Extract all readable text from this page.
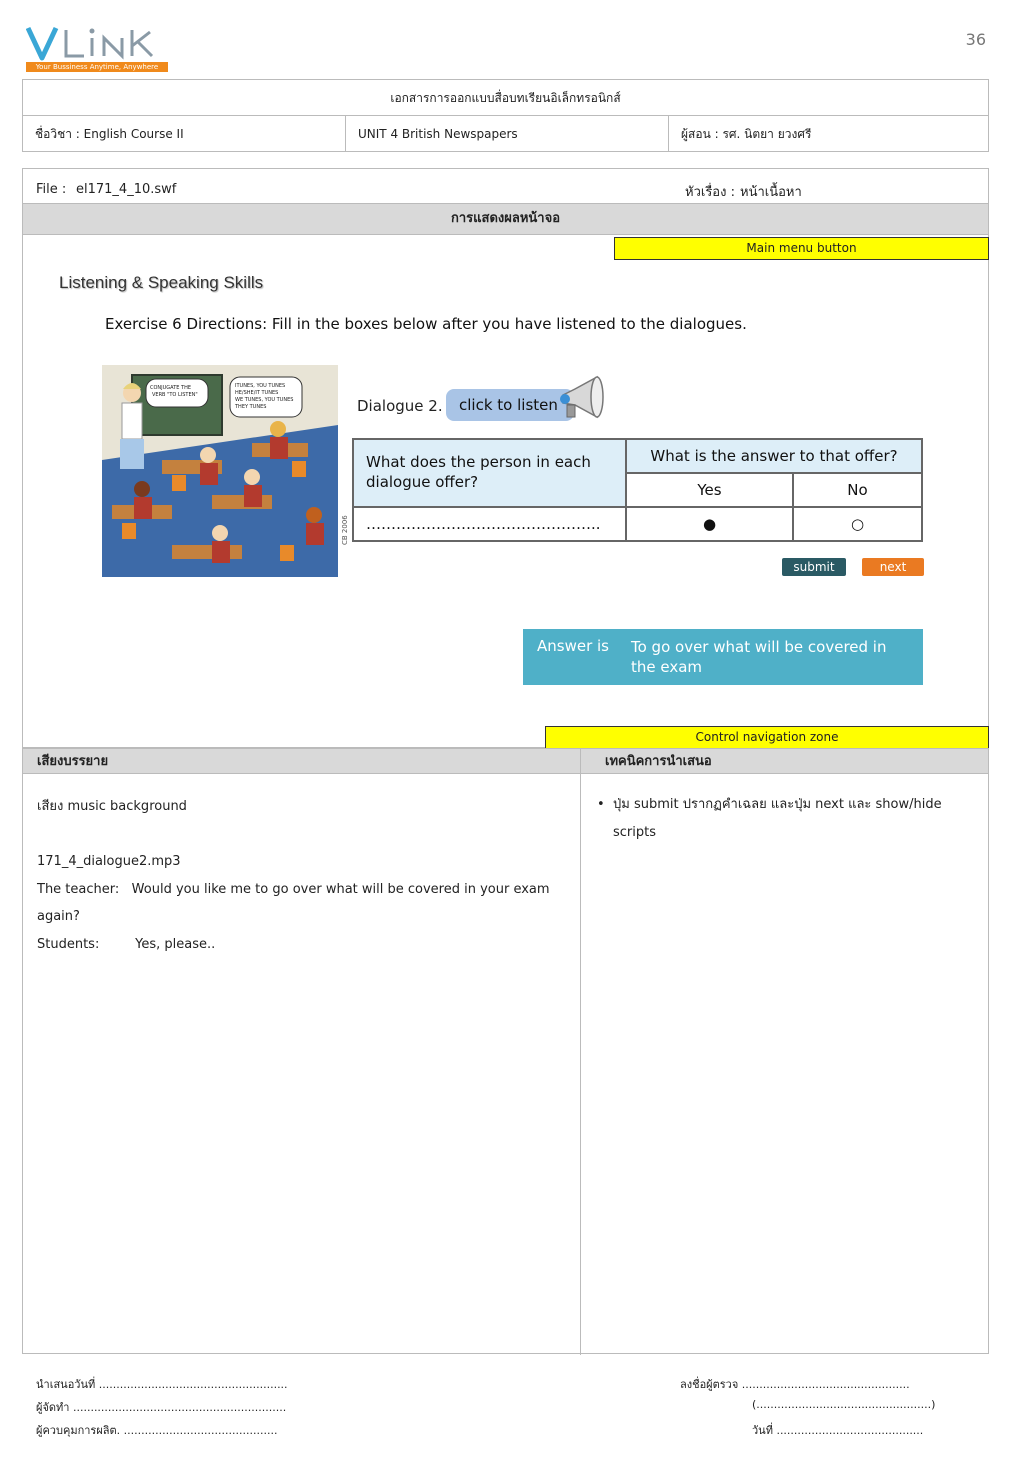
Your Bussiness Anytime, Anywhere
36
เอกสารการออกแบบสื่อบทเรียนอิเล็กทรอนิกส์
ชื่อวิชา : English Course II	UNIT 4 British Newspapers	ผู้สอน : รศ. นิตยา ยวงศรี
File : el171_4_10.swf	หัวเรื่อง : หน้าเนื้อหา
การแสดงผลหน้าจอ
Main menu button
Listening & Speaking Skills
Exercise 6 Directions: Fill in the boxes below after you have listened to the dialogues.
CONJUGATE THE
VERB "TO LISTEN"
ITUNES, YOU TUNES
HE/SHE/IT TUNES
WE TUNES, YOU TUNES
THEY TUNES
CB 2006
Dialogue 2.	click to listen
What does the person in each dialogue offer?
What is the answer to that offer?
Yes	No
………………………………………..	●	○
submit	next
Answer is To go over what will be covered in the exam
Control navigation zone
เสียงบรรยาย	เทคนิคการนำเสนอ
เสียง music background
171_4_dialogue2.mp3
The teacher: Would you like me to go over what will be covered in your exam
again?
Students:	Yes, please..
• ปุ่ม submit ปรากฏคำเฉลย และปุ่ม next และ show/hide
scripts
นำเสนอวันที่ ......................................................
ผู้จัดทำ .............................................................
ผู้ควบคุมการผลิต. ............................................
ลงชื่อผู้ตรวจ ................................................
(..................................................)
วันที่ ..........................................
